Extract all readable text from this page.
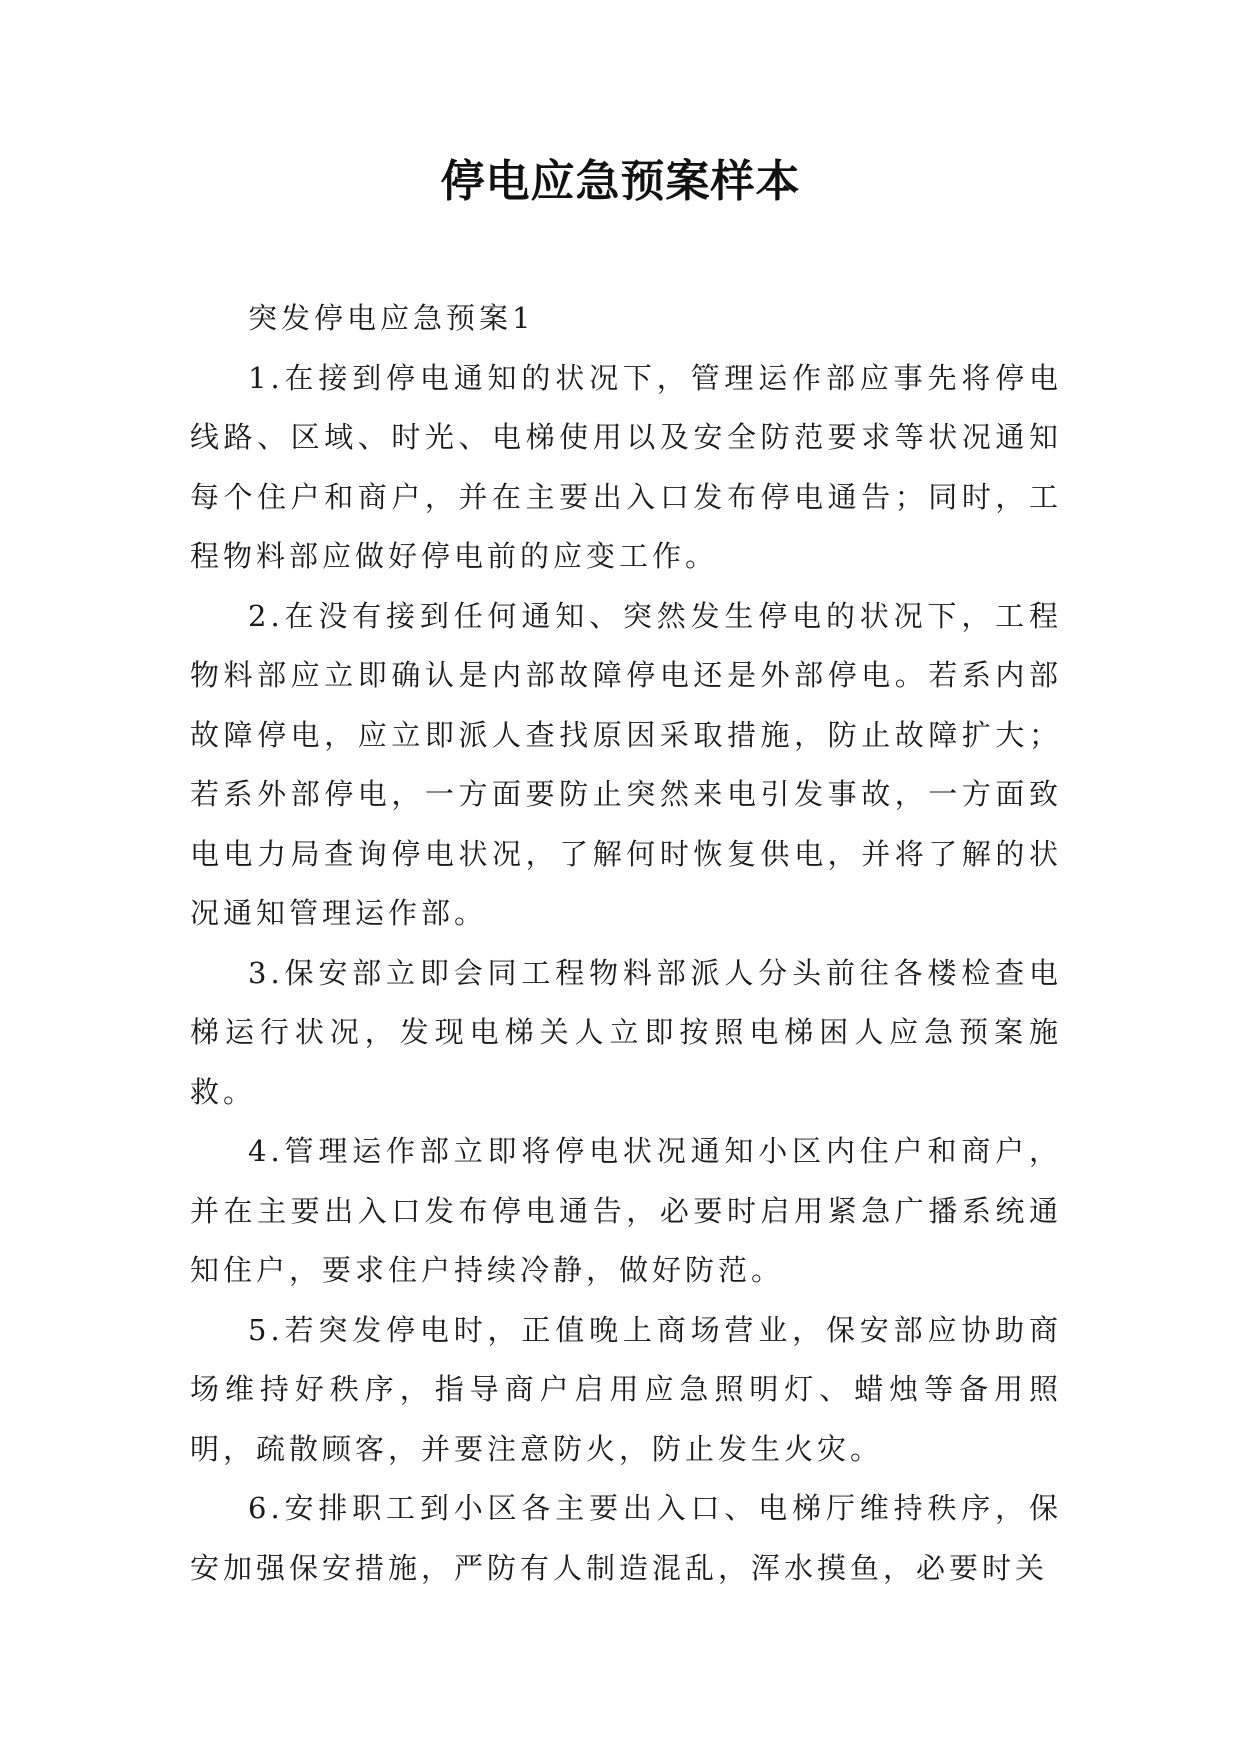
停电应急预案样本

突发停电应急预案1

1.在接到停电通知的状况下，管理运作部应事先将停电线路、区域、时光、电梯使用以及安全防范要求等状况通知每个住户和商户，并在主要出入口发布停电通告；同时，工程物料部应做好停电前的应变工作。

2.在没有接到任何通知、突然发生停电的状况下，工程物料部应立即确认是内部故障停电还是外部停电。若系内部故障停电，应立即派人查找原因采取措施，防止故障扩大；若系外部停电，一方面要防止突然来电引发事故，一方面致电电力局查询停电状况，了解何时恢复供电，并将了解的状况通知管理运作部。

3.保安部立即会同工程物料部派人分头前往各楼检查电梯运行状况，发现电梯关人立即按照电梯困人应急预案施救。

4.管理运作部立即将停电状况通知小区内住户和商户，并在主要出入口发布停电通告，必要时启用紧急广播系统通知住户，要求住户持续冷静，做好防范。

5.若突发停电时，正值晚上商场营业，保安部应协助商场维持好秩序，指导商户启用应急照明灯、蜡烛等备用照明，疏散顾客，并要注意防火，防止发生火灾。

6.安排职工到小区各主要出入口、电梯厅维持秩序，保安加强保安措施，严防有人制造混乱，浑水摸鱼，必要时关
